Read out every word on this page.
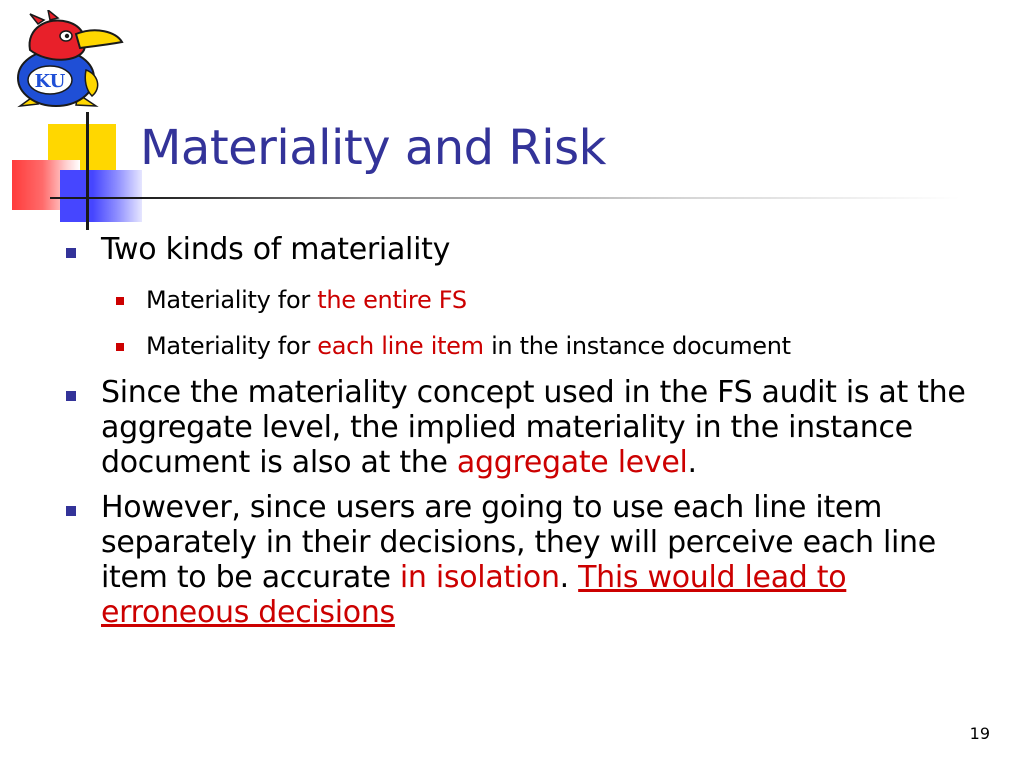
KU
Materiality and Risk
Two kinds of materiality
Materiality for the entire FS
Materiality for each line item in the instance document
Since the materiality concept used in the FS audit is at the aggregate level, the implied materiality in the instance document is also at the aggregate level.
However, since users are going to use each line item separately in their decisions, they will perceive each line item to be accurate in isolation. This would lead to erroneous decisions
19
